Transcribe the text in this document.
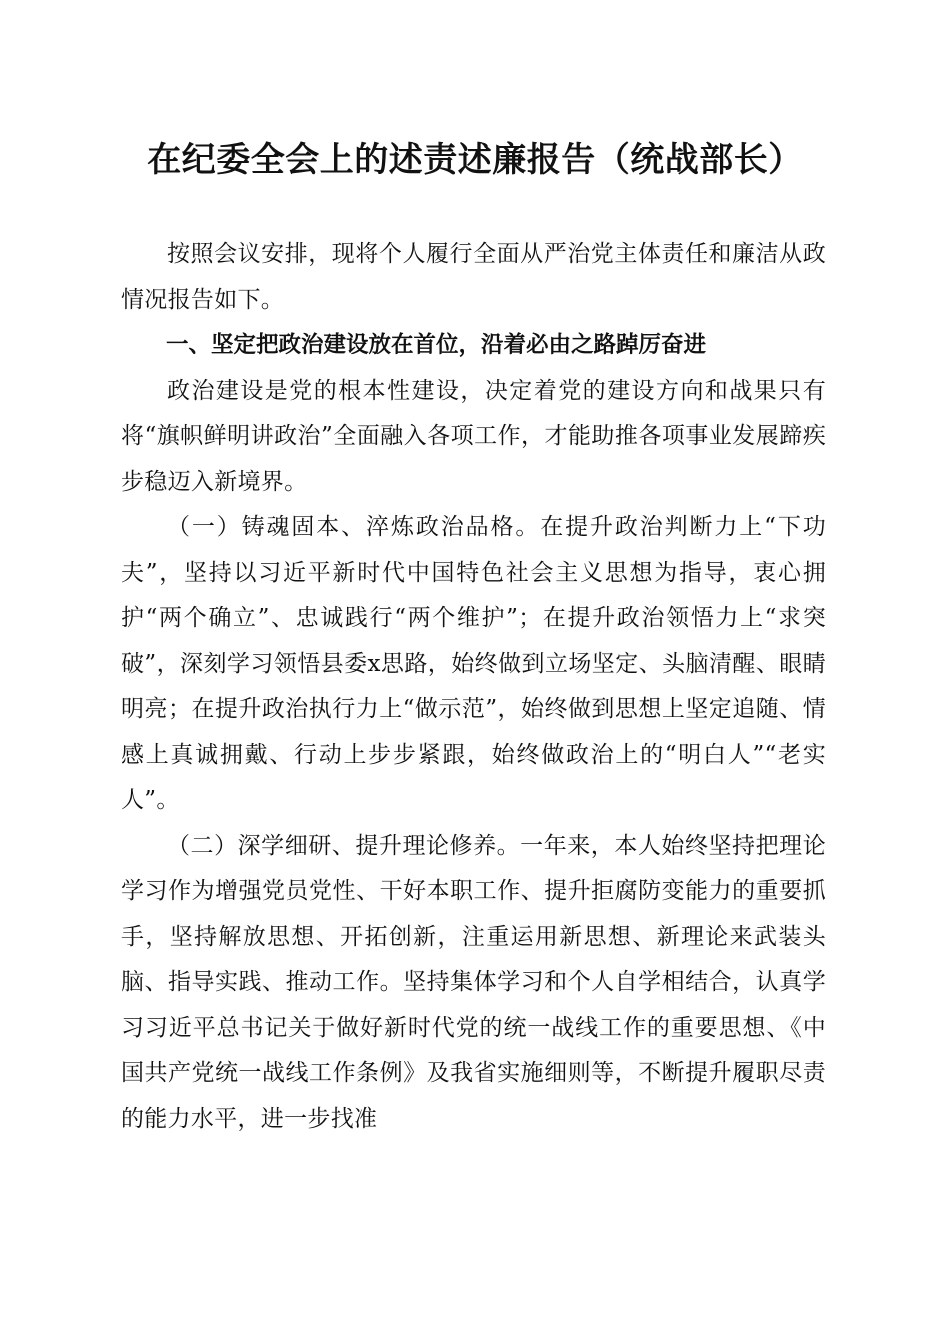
在纪委全会上的述责述廉报告（统战部长）

按照会议安排，现将个人履行全面从严治党主体责任和廉洁从政情况报告如下。

一、坚定把政治建设放在首位，沿着必由之路踔厉奋进

政治建设是党的根本性建设，决定着党的建设方向和战果只有将“旗帜鲜明讲政治”全面融入各项工作，才能助推各项事业发展蹄疾步稳迈入新境界。

（一）铸魂固本、淬炼政治品格。在提升政治判断力上“下功夫”，坚持以习近平新时代中国特色社会主义思想为指导，衷心拥护“两个确立”、忠诚践行“两个维护”；在提升政治领悟力上“求突破”，深刻学习领悟县委x思路，始终做到立场坚定、头脑清醒、眼睛明亮；在提升政治执行力上“做示范”，始终做到思想上坚定追随、情感上真诚拥戴、行动上步步紧跟，始终做政治上的“明白人”“老实人”。

（二）深学细研、提升理论修养。一年来，本人始终坚持把理论学习作为增强党员党性、干好本职工作、提升拒腐防变能力的重要抓手，坚持解放思想、开拓创新，注重运用新思想、新理论来武装头脑、指导实践、推动工作。坚持集体学习和个人自学相结合，认真学习习近平总书记关于做好新时代党的统一战线工作的重要思想、《中国共产党统一战线工作条例》及我省实施细则等，不断提升履职尽责的能力水平，进一步找准
